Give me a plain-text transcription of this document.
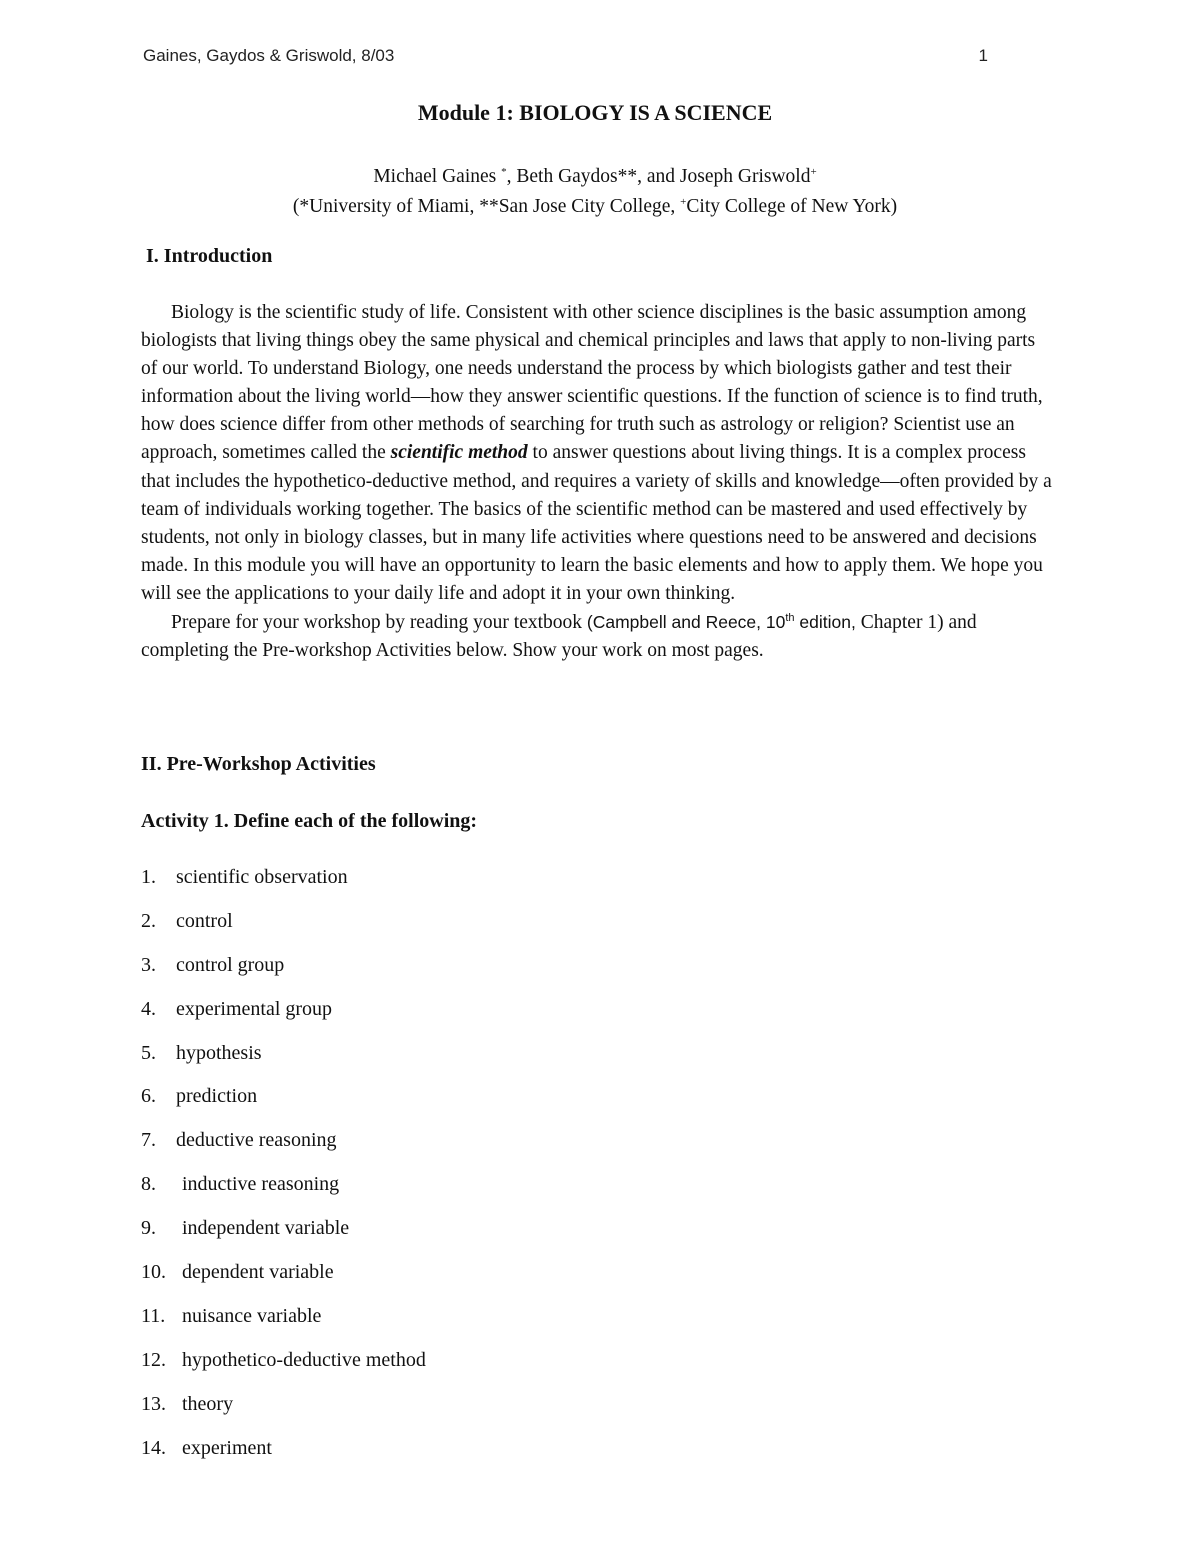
Gaines, Gaydos & Griswold, 8/03	1
Module 1: BIOLOGY IS A SCIENCE
Michael Gaines *, Beth Gaydos**, and Joseph Griswold+
(*University of Miami, **San Jose City College, +City College of New York)
I. Introduction

Biology is the scientific study of life. Consistent with other science disciplines is the basic assumption among biologists that living things obey the same physical and chemical principles and laws that apply to non-living parts of our world. To understand Biology, one needs understand the process by which biologists gather and test their information about the living world—how they answer scientific questions. If the function of science is to find truth, how does science differ from other methods of searching for truth such as astrology or religion? Scientist use an approach, sometimes called the scientific method to answer questions about living things. It is a complex process that includes the hypothetico-deductive method, and requires a variety of skills and knowledge—often provided by a team of individuals working together. The basics of the scientific method can be mastered and used effectively by students, not only in biology classes, but in many life activities where questions need to be answered and decisions made. In this module you will have an opportunity to learn the basic elements and how to apply them. We hope you will see the applications to your daily life and adopt it in your own thinking.

Prepare for your workshop by reading your textbook (Campbell and Reece, 10th edition, Chapter 1) and completing the Pre-workshop Activities below. Show your work on most pages.

II. Pre-Workshop Activities
Activity 1. Define each of the following:
1. scientific observation
2. control
3. control group
4. experimental group
5. hypothesis
6. prediction
7. deductive reasoning
8. inductive reasoning
9. independent variable
10. dependent variable
11. nuisance variable
12. hypothetico-deductive method
13. theory
14. experiment
